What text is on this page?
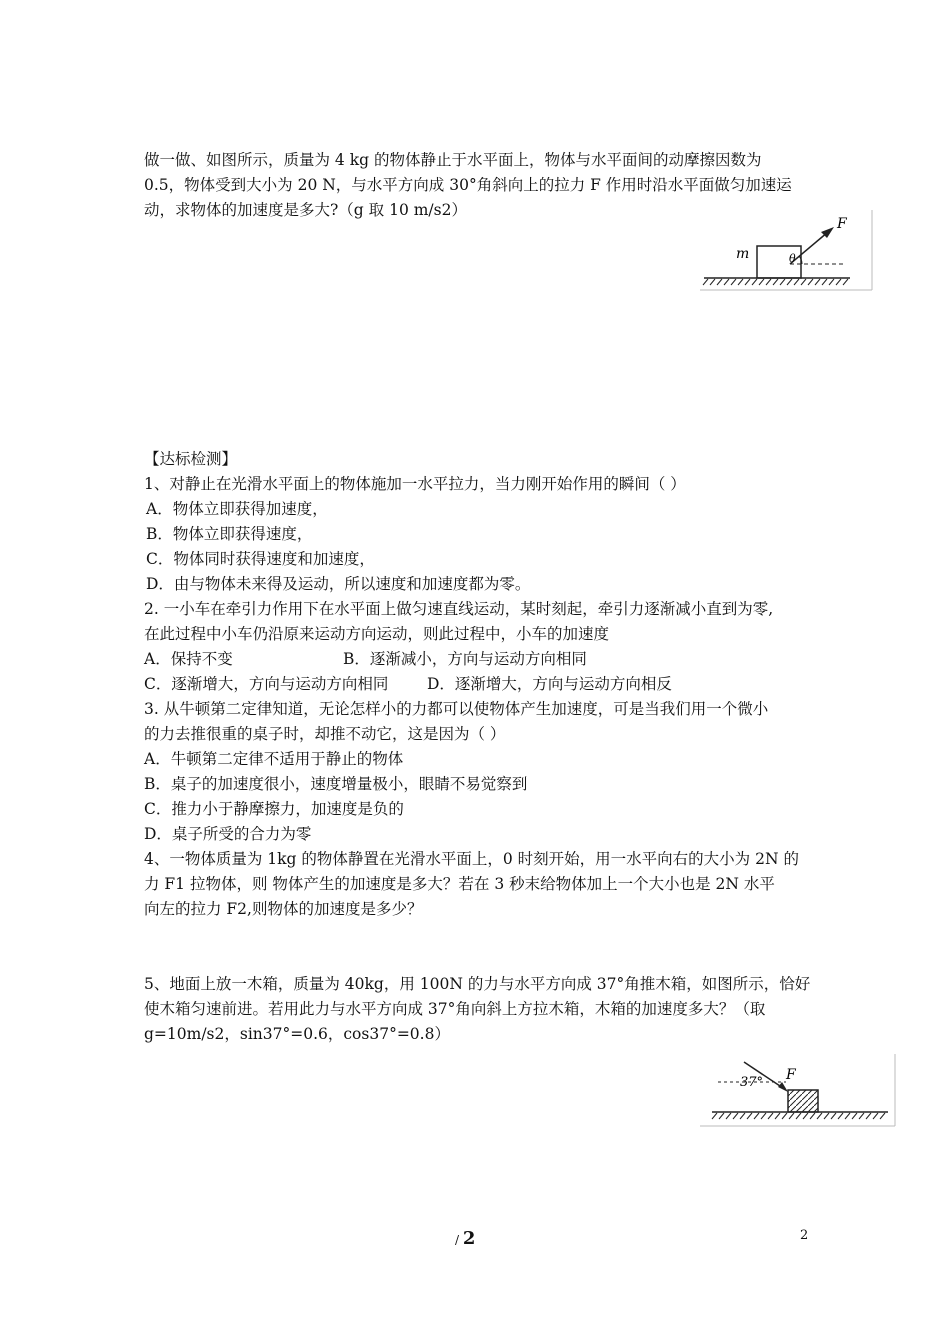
做一做、如图所示，质量为 4 kg 的物体静止于水平面上，物体与水平面间的动摩擦因数为
0.5，物体受到大小为 20 N，与水平方向成 30°角斜向上的拉力 F 作用时沿水平面做匀加速运
动，求物体的加速度是多大?（g 取 10 m/s2）
m
F
θ
【达标检测】
1、对静止在光滑水平面上的物体施加一水平拉力，当力刚开始作用的瞬间（ ）
A．物体立即获得加速度，
B．物体立即获得速度，
C．物体同时获得速度和加速度，
D．由与物体未来得及运动，所以速度和加速度都为零。
2. 一小车在牵引力作用下在水平面上做匀速直线运动，某时刻起，牵引力逐渐减小直到为零,
在此过程中小车仍沿原来运动方向运动，则此过程中，小车的加速度
A．保持不变	B．逐渐减小，方向与运动方向相同
C．逐渐增大，方向与运动方向相同 D．逐渐增大，方向与运动方向相反
3. 从牛顿第二定律知道，无论怎样小的力都可以使物体产生加速度，可是当我们用一个微小
的力去推很重的桌子时，却推不动它，这是因为（ ）
A．牛顿第二定律不适用于静止的物体
B．桌子的加速度很小，速度增量极小，眼睛不易觉察到
C．推力小于静摩擦力，加速度是负的
D．桌子所受的合力为零
4、一物体质量为 1kg 的物体静置在光滑水平面上，0 时刻开始，用一水平向右的大小为 2N 的
力 F1 拉物体，则 物体产生的加速度是多大？若在 3 秒末给物体加上一个大小也是 2N 水平
向左的拉力 F2,则物体的加速度是多少？
5、地面上放一木箱，质量为 40kg，用 100N 的力与水平方向成 37°角推木箱，如图所示，恰好
使木箱匀速前进。若用此力与水平方向成 37°角向斜上方拉木箱，木箱的加速度多大？（取
g=10m/s2，sin37°=0.6，cos37°=0.8）
37° F
/ 2	2
